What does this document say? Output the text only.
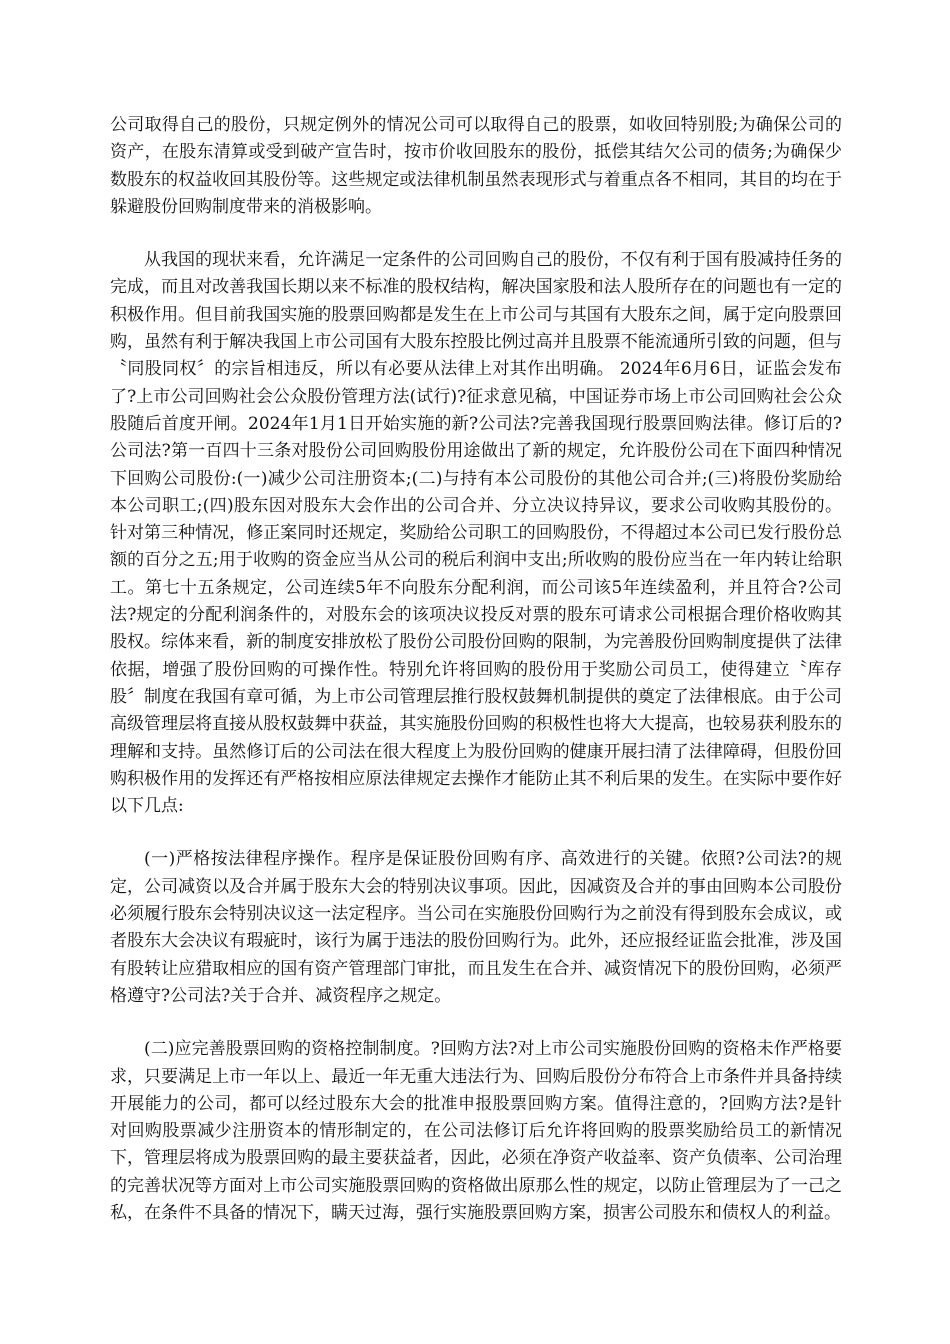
公司取得自己的股份，只规定例外的情况公司可以取得自己的股票，如收回特别股;为确保公司的资产，在股东清算或受到破产宣告时，按市价收回股东的股份，抵偿其结欠公司的债务;为确保少数股东的权益收回其股份等。这些规定或法律机制虽然表现形式与着重点各不相同，其目的均在于躲避股份回购制度带来的消极影响。

从我国的现状来看，允许满足一定条件的公司回购自己的股份，不仅有利于国有股减持任务的完成，而且对改善我国长期以来不标准的股权结构，解决国家股和法人股所存在的问题也有一定的积极作用。但目前我国实施的股票回购都是发生在上市公司与其国有大股东之间，属于定向股票回购，虽然有利于解决我国上市公司国有大股东控股比例过高并且股票不能流通所引致的问题，但与〝同股同权〞的宗旨相违反，所以有必要从法律上对其作出明确。 2024年6月6日，证监会发布了?上市公司回购社会公众股份管理方法(试行)?征求意见稿，中国证券市场上市公司回购社会公众股随后首度开闸。2024年1月1日开始实施的新?公司法?完善我国现行股票回购法律。修订后的?公司法?第一百四十三条对股份公司回购股份用途做出了新的规定，允许股份公司在下面四种情况下回购公司股份:(一)减少公司注册资本;(二)与持有本公司股份的其他公司合并;(三)将股份奖励给本公司职工;(四)股东因对股东大会作出的公司合并、分立决议持异议，要求公司收购其股份的。针对第三种情况，修正案同时还规定，奖励给公司职工的回购股份，不得超过本公司已发行股份总额的百分之五;用于收购的资金应当从公司的税后利润中支出;所收购的股份应当在一年内转让给职工。第七十五条规定，公司连续5年不向股东分配利润，而公司该5年连续盈利，并且符合?公司法?规定的分配利润条件的，对股东会的该项决议投反对票的股东可请求公司根据合理价格收购其股权。综体来看，新的制度安排放松了股份公司股份回购的限制，为完善股份回购制度提供了法律依据，增强了股份回购的可操作性。特别允许将回购的股份用于奖励公司员工，使得建立〝库存股〞制度在我国有章可循，为上市公司管理层推行股权鼓舞机制提供的奠定了法律根底。由于公司高级管理层将直接从股权鼓舞中获益，其实施股份回购的积极性也将大大提高，也较易获利股东的理解和支持。虽然修订后的公司法在很大程度上为股份回购的健康开展扫清了法律障碍，但股份回购积极作用的发挥还有严格按相应原法律规定去操作才能防止其不利后果的发生。在实际中要作好以下几点:

(一)严格按法律程序操作。程序是保证股份回购有序、高效进行的关键。依照?公司法?的规定，公司减资以及合并属于股东大会的特别决议事项。因此，因减资及合并的事由回购本公司股份必须履行股东会特别决议这一法定程序。当公司在实施股份回购行为之前没有得到股东会成议，或者股东大会决议有瑕疵时，该行为属于违法的股份回购行为。此外，还应报经证监会批准，涉及国有股转让应猎取相应的国有资产管理部门审批，而且发生在合并、减资情况下的股份回购，必须严格遵守?公司法?关于合并、减资程序之规定。

(二)应完善股票回购的资格控制制度。?回购方法?对上市公司实施股份回购的资格未作严格要求，只要满足上市一年以上、最近一年无重大违法行为、回购后股份分布符合上市条件并具备持续开展能力的公司，都可以经过股东大会的批准申报股票回购方案。值得注意的，?回购方法?是针对回购股票减少注册资本的情形制定的，在公司法修订后允许将回购的股票奖励给员工的新情况下，管理层将成为股票回购的最主要获益者，因此，必须在净资产收益率、资产负债率、公司治理的完善状况等方面对上市公司实施股票回购的资格做出原那么性的规定，以防止管理层为了一己之私，在条件不具备的情况下，瞒天过海，强行实施股票回购方案，损害公司股东和债权人的利益。
